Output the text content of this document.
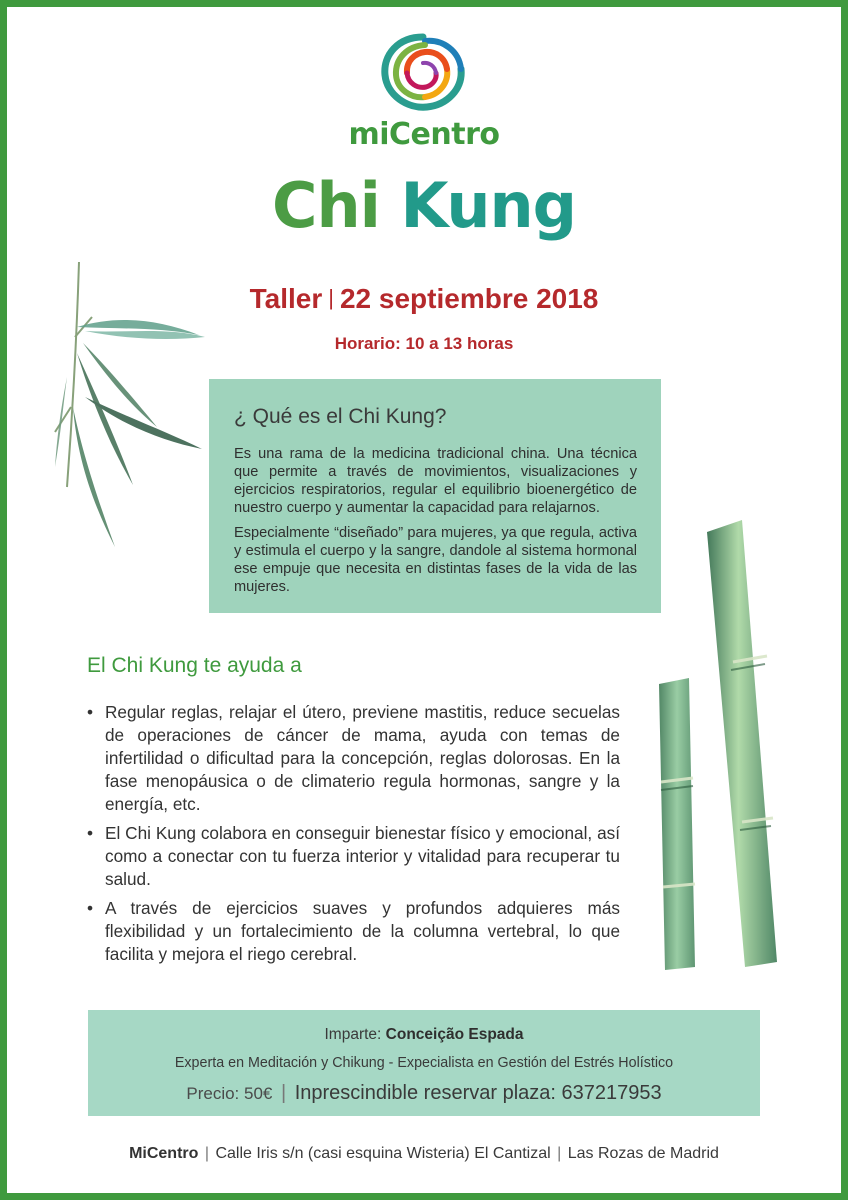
miCentro
Chi Kung
Taller | 22 septiembre 2018
Horario: 10 a 13 horas
¿ Qué es el Chi Kung?

Es una rama de la medicina tradicional china. Una técnica que permite a través de movimientos, visualizaciones y ejercicios respiratorios, regular el equilibrio bioenergético de nuestro cuerpo y aumentar la capacidad para relajarnos.

Especialmente “diseñado” para mujeres, ya que regula, activa y estimula el cuerpo y la sangre, dandole al sistema hormonal ese empuje que necesita en distintas fases de la vida de las mujeres.

El Chi Kung te ayuda a
• Regular reglas, relajar el útero, previene mastitis, reduce secuelas de operaciones de cáncer de mama, ayuda con temas de infertilidad o dificultad para la concepción, reglas dolorosas. En la fase menopáusica o de climaterio regula hormonas, sangre y la energía, etc.
• El Chi Kung colabora en conseguir bienestar físico y emocional, así como a conectar con tu fuerza interior y vitalidad para recuperar tu salud.
• A través de ejercicios suaves y profundos adquieres más flexibilidad y un fortalecimiento de la columna vertebral, lo que facilita y mejora el riego cerebral.
Imparte: Conceição Espada
Experta en Meditación y Chikung - Expecialista en Gestión del Estrés Holístico
Precio: 50€ | Inprescindible reservar plaza: 637217953
MiCentro | Calle Iris s/n (casi esquina Wisteria) El Cantizal | Las Rozas de Madrid
